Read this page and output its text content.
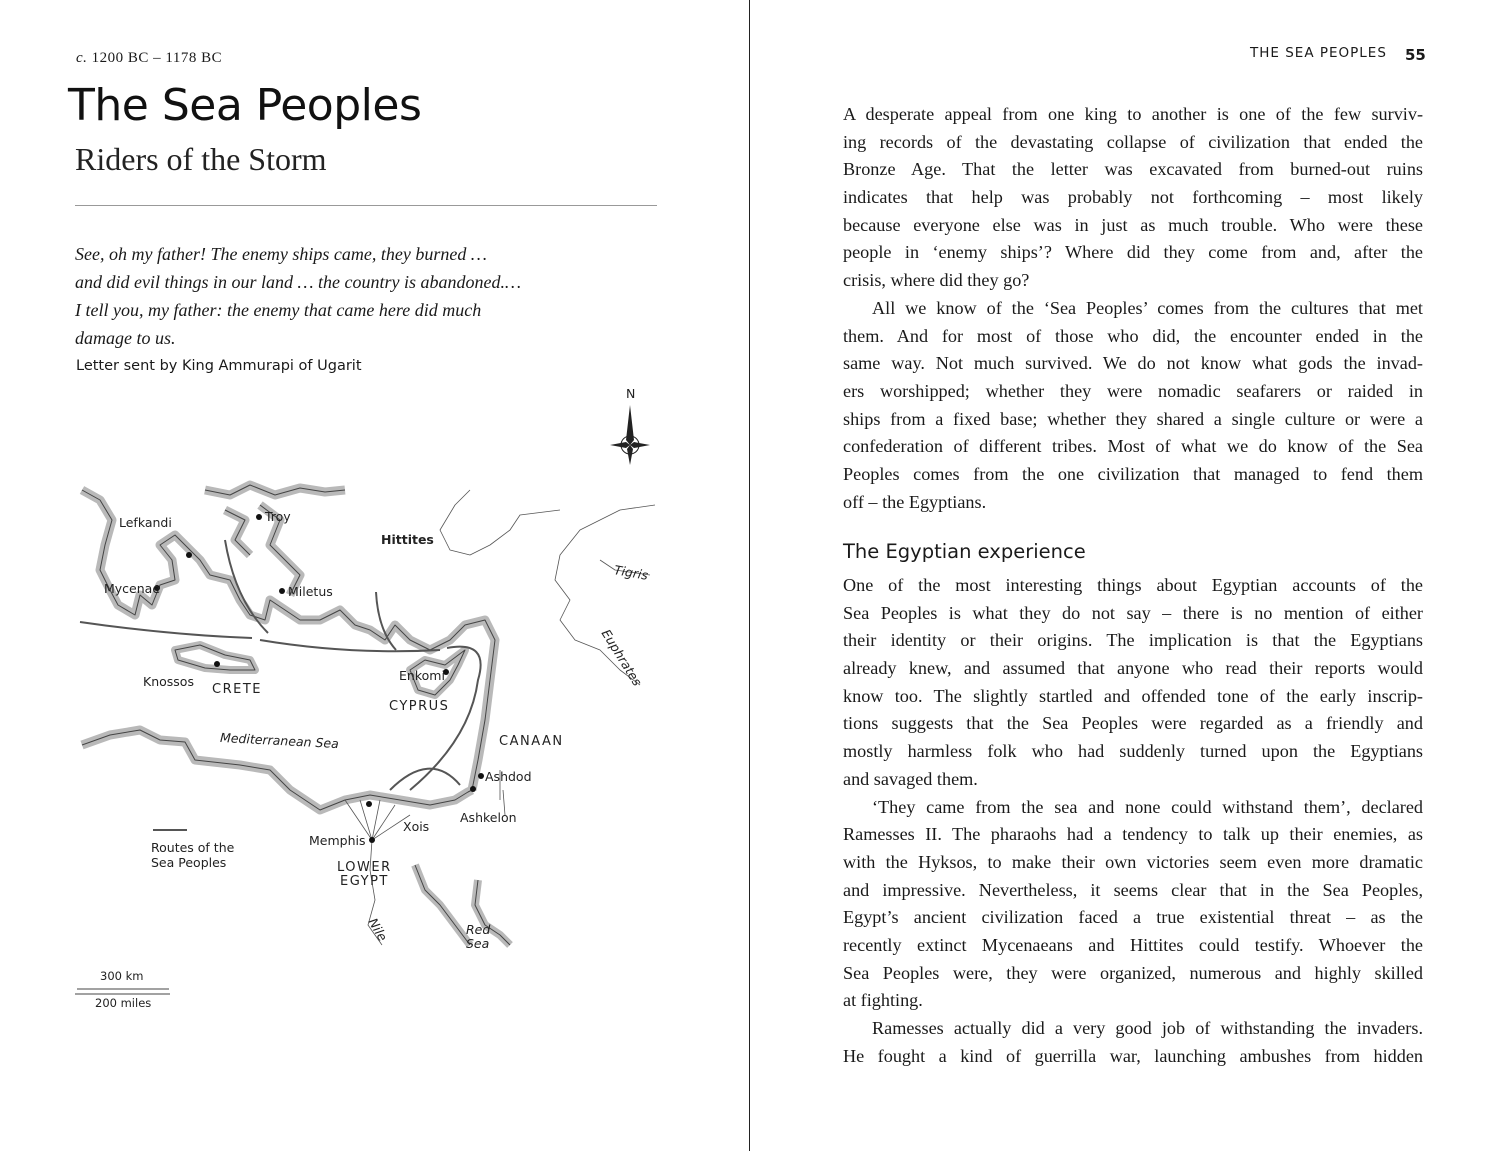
c. 1200 BC – 1178 BC
The Sea Peoples
Riders of the Storm
See, oh my father! The enemy ships came, they burned …
and did evil things in our land … the country is abandoned.…
I tell you, my father: the enemy that came here did much
damage to us.
Letter sent by King Ammurapi of Ugarit
N
Lefkandi	Troy
Hittites
Mycenae	Miletus
Tigris
Euphrates
Knossos
CRETE
Enkomi
CYPRUS
Mediterranean Sea	CANAAN
Ashdod
Ashkelon
Xois
Memphis
LOWER
EGYPT
Nile	Red
Sea
Routes of the
Sea Peoples
300 km
200 miles
THE SEA PEOPLES 55
A desperate appeal from one king to another is one of the few surviv-
ing records of the devastating collapse of civilization that ended the
Bronze Age. That the letter was excavated from burned-out ruins
indicates that help was probably not forthcoming – most likely
because everyone else was in just as much trouble. Who were these
people in ‘enemy ships’? Where did they come from and, after the
crisis, where did they go?
All we know of the ‘Sea Peoples’ comes from the cultures that met
them. And for most of those who did, the encounter ended in the
same way. Not much survived. We do not know what gods the invad-
ers worshipped; whether they were nomadic seafarers or raided in
ships from a fixed base; whether they shared a single culture or were a
confederation of different tribes. Most of what we do know of the Sea
Peoples comes from the one civilization that managed to fend them
off – the Egyptians.
The Egyptian experience
One of the most interesting things about Egyptian accounts of the
Sea Peoples is what they do not say – there is no mention of either
their identity or their origins. The implication is that the Egyptians
already knew, and assumed that anyone who read their reports would
know too. The slightly startled and offended tone of the early inscrip-
tions suggests that the Sea Peoples were regarded as a friendly and
mostly harmless folk who had suddenly turned upon the Egyptians
and savaged them.
‘They came from the sea and none could withstand them’, declared
Ramesses II. The pharaohs had a tendency to talk up their enemies, as
with the Hyksos, to make their own victories seem even more dramatic
and impressive. Nevertheless, it seems clear that in the Sea Peoples,
Egypt’s ancient civilization faced a true existential threat – as the
recently extinct Mycenaeans and Hittites could testify. Whoever the
Sea Peoples were, they were organized, numerous and highly skilled
at fighting.
Ramesses actually did a very good job of withstanding the invaders.
He fought a kind of guerrilla war, launching ambushes from hidden
